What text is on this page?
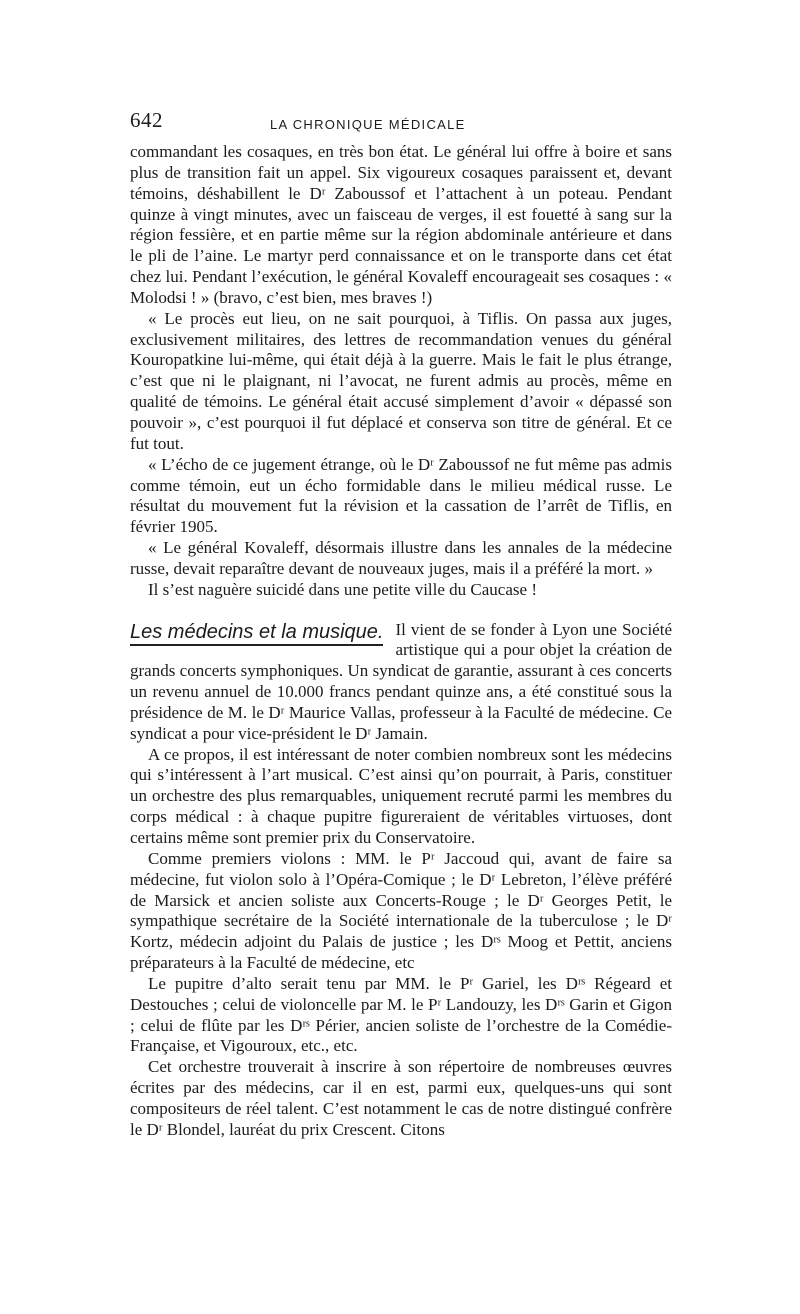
642	LA CHRONIQUE MÉDICALE

commandant les cosaques, en très bon état. Le général lui offre à boire et sans plus de transition fait un appel. Six vigoureux cosaques paraissent et, devant témoins, déshabillent le Dʳ Zaboussof et l’attachent à un poteau. Pendant quinze à vingt minutes, avec un faisceau de verges, il est fouetté à sang sur la région fessière, et en partie même sur la région abdominale antérieure et dans le pli de l’aine. Le martyr perd connaissance et on le transporte dans cet état chez lui. Pendant l’exécution, le général Kovaleff encourageait ses cosaques : « Molodsi ! » (bravo, c’est bien, mes braves !)

« Le procès eut lieu, on ne sait pourquoi, à Tiflis. On passa aux juges, exclusivement militaires, des lettres de recommandation venues du général Kouropatkine lui-même, qui était déjà à la guerre. Mais le fait le plus étrange, c’est que ni le plaignant, ni l’avocat, ne furent admis au procès, même en qualité de témoins. Le général était accusé simplement d’avoir « dépassé son pouvoir », c’est pourquoi il fut déplacé et conserva son titre de général. Et ce fut tout.

« L’écho de ce jugement étrange, où le Dʳ Zaboussof ne fut même pas admis comme témoin, eut un écho formidable dans le milieu médical russe. Le résultat du mouvement fut la révision et la cassation de l’arrêt de Tiflis, en février 1905.

« Le général Kovaleff, désormais illustre dans les annales de la médecine russe, devait reparaître devant de nouveaux juges, mais il a préféré la mort. »

Il s’est naguère suicidé dans une petite ville du Caucase !

Les médecins et la musique. Il vient de se fonder à Lyon une Société artistique qui a pour objet la création de grands concerts symphoniques. Un syndicat de garantie, assurant à ces concerts un revenu annuel de 10.000 francs pendant quinze ans, a été constitué sous la présidence de M. le Dʳ Maurice Vallas, professeur à la Faculté de médecine. Ce syndicat a pour vice-président le Dʳ Jamain.

A ce propos, il est intéressant de noter combien nombreux sont les médecins qui s’intéressent à l’art musical. C’est ainsi qu’on pourrait, à Paris, constituer un orchestre des plus remarquables, uniquement recruté parmi les membres du corps médical : à chaque pupitre figureraient de véritables virtuoses, dont certains même sont premier prix du Conservatoire.

Comme premiers violons : MM. le Pʳ Jaccoud qui, avant de faire sa médecine, fut violon solo à l’Opéra-Comique ; le Dʳ Lebreton, l’élève préféré de Marsick et ancien soliste aux Concerts-Rouge ; le Dʳ Georges Petit, le sympathique secrétaire de la Société internationale de la tuberculose ; le Dʳ Kortz, médecin adjoint du Palais de justice ; les Dʳˢ Moog et Pettit, anciens préparateurs à la Faculté de médecine, etc

Le pupitre d’alto serait tenu par MM. le Pʳ Gariel, les Dʳˢ Régeard et Destouches ; celui de violoncelle par M. le Pʳ Landouzy, les Dʳˢ Garin et Gigon ; celui de flûte par les Dʳˢ Périer, ancien soliste de l’orchestre de la Comédie-Française, et Vigouroux, etc., etc.

Cet orchestre trouverait à inscrire à son répertoire de nombreuses œuvres écrites par des médecins, car il en est, parmi eux, quelques-uns qui sont compositeurs de réel talent. C’est notamment le cas de notre distingué confrère le Dʳ Blondel, lauréat du prix Crescent. Citons
